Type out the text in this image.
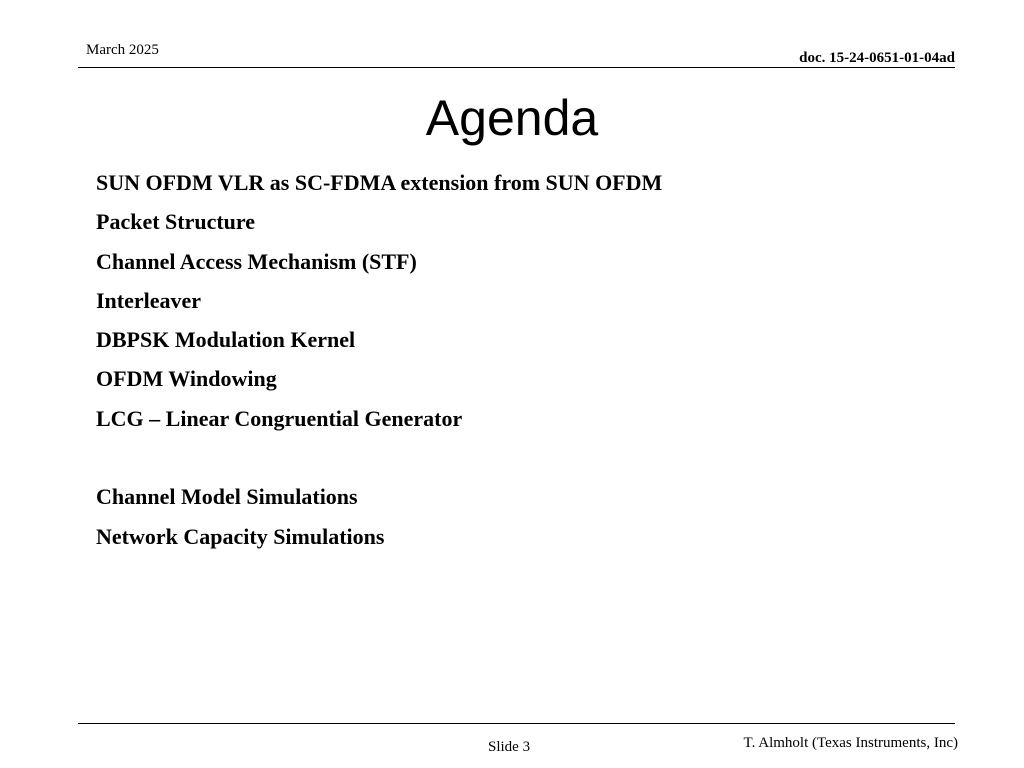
March 2025	doc. 15-24-0651-01-04ad
Agenda
SUN OFDM VLR as SC-FDMA extension from SUN OFDM
Packet Structure
Channel Access Mechanism (STF)
Interleaver
DBPSK Modulation Kernel
OFDM Windowing
LCG – Linear Congruential Generator
Channel Model Simulations
Network Capacity Simulations
Slide 3	T. Almholt (Texas Instruments, Inc)
